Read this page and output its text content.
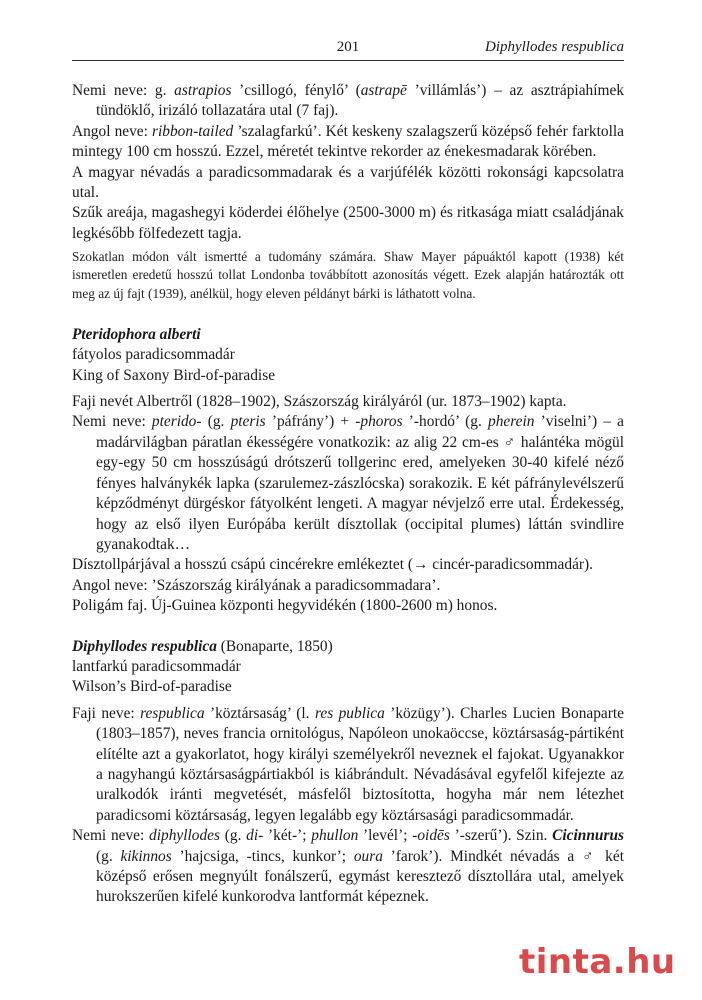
201	Diphyllodes respublica

Nemi neve: g. astrapios ’csillogó, fénylő’ (astrapē ’villámlás’) – az asztrápiahímek tündöklő, irizáló tollazatára utal (7 faj).

Angol neve: ribbon-tailed ’szalagfarkú’. Két keskeny szalagszerű középső fehér farktolla mintegy 100 cm hosszú. Ezzel, méretét tekintve rekorder az énekesmadarak körében.

A magyar névadás a paradicsommadarak és a varjúfélék közötti rokonsági kapcsolatra utal.

Szűk areája, magashegyi köderdei élőhelye (2500-3000 m) és ritkasága miatt családjának legkésőbb fölfedezett tagja.

Szokatlan módon vált ismertté a tudomány számára. Shaw Mayer pápuáktól kapott (1938) két ismeretlen eredetű hosszú tollat Londonba továbbított azonosítás végett. Ezek alapján határozták ott meg az új fajt (1939), anélkül, hogy eleven példányt bárki is láthatott volna.

Pteridophora alberti

fátyolos paradicsommadár

King of Saxony Bird-of-paradise

Faji nevét Albertről (1828–1902), Szászország királyáról (ur. 1873–1902) kapta.

Nemi neve: pterido- (g. pteris ’páfrány’) + -phoros ’-hordó’ (g. pherein ’viselni’) – a madárvilágban páratlan ékességére vonatkozik: az alig 22 cm-es ♂ halántéka mögül egy-egy 50 cm hosszúságú drótszerű tollgerinc ered, amelyeken 30-40 kifelé néző fényes halványkék lapka (szarulemez-zászlócska) sorakozik. E két páfránylevélszerű képződményt dürgéskor fátyolként lengeti. A magyar névjelző erre utal. Érdekesség, hogy az első ilyen Európába került dísztollak (occipital plumes) láttán svindlire gyanakodtak…

Dísztollpárjával a hosszú csápú cincérekre emlékeztet (→ cincér-paradicsommadár).

Angol neve: ’Szászország királyának a paradicsommadara’.

Poligám faj. Új-Guinea központi hegyvidékén (1800-2600 m) honos.

Diphyllodes respublica (Bonaparte, 1850)

lantfarkú paradicsommadár

Wilson’s Bird-of-paradise

Faji neve: respublica ’köztársaság’ (l. res publica ’közügy’). Charles Lucien Bonaparte (1803–1857), neves francia ornitológus, Napóleon unokaöccse, köztársaság-pártiként elítélte azt a gyakorlatot, hogy királyi személyekről neveznek el fajokat. Ugyanakkor a nagyhangú köztársaságpártiakból is kiábrándult. Névadásával egyfelől kifejezte az uralkodók iránti megvetését, másfelől biztosította, hogyha már nem létezhet paradicsomi köztársaság, legyen legalább egy köztársasági paradicsommadár.

Nemi neve: diphyllodes (g. di- ’két-’; phullon ’levél’; -oidēs ’-szerű’). Szin. Cicinnurus (g. kikinnos ’hajcsiga, -tincs, kunkor’; oura ’farok’). Mindkét névadás a ♂ két középső erősen megnyúlt fonálszerű, egymást keresztező dísztollára utal, amelyek hurokszerűen kifelé kunkorodva lantformát képeznek.

tinta.hu
